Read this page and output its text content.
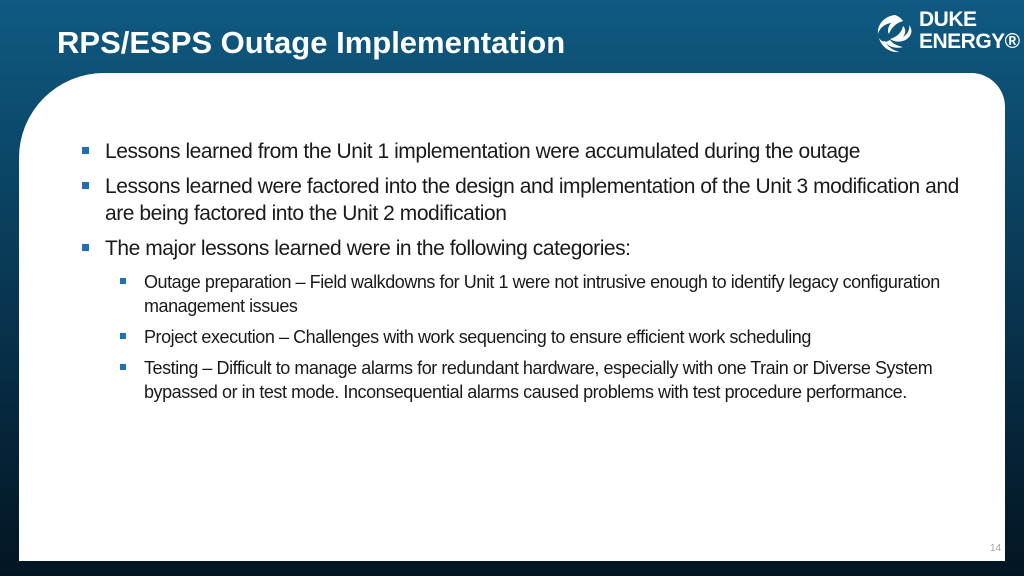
RPS/ESPS Outage Implementation
DUKE
ENERGY®
Lessons learned from the Unit 1 implementation were accumulated during the outage
Lessons learned were factored into the design and implementation of the Unit 3 modification and are being factored into the Unit 2 modification
The major lessons learned were in the following categories:
Outage preparation – Field walkdowns for Unit 1 were not intrusive enough to identify legacy configuration management issues
Project execution – Challenges with work sequencing to ensure efficient work scheduling
Testing – Difficult to manage alarms for redundant hardware, especially with one Train or Diverse System bypassed or in test mode. Inconsequential alarms caused problems with test procedure performance.
14
